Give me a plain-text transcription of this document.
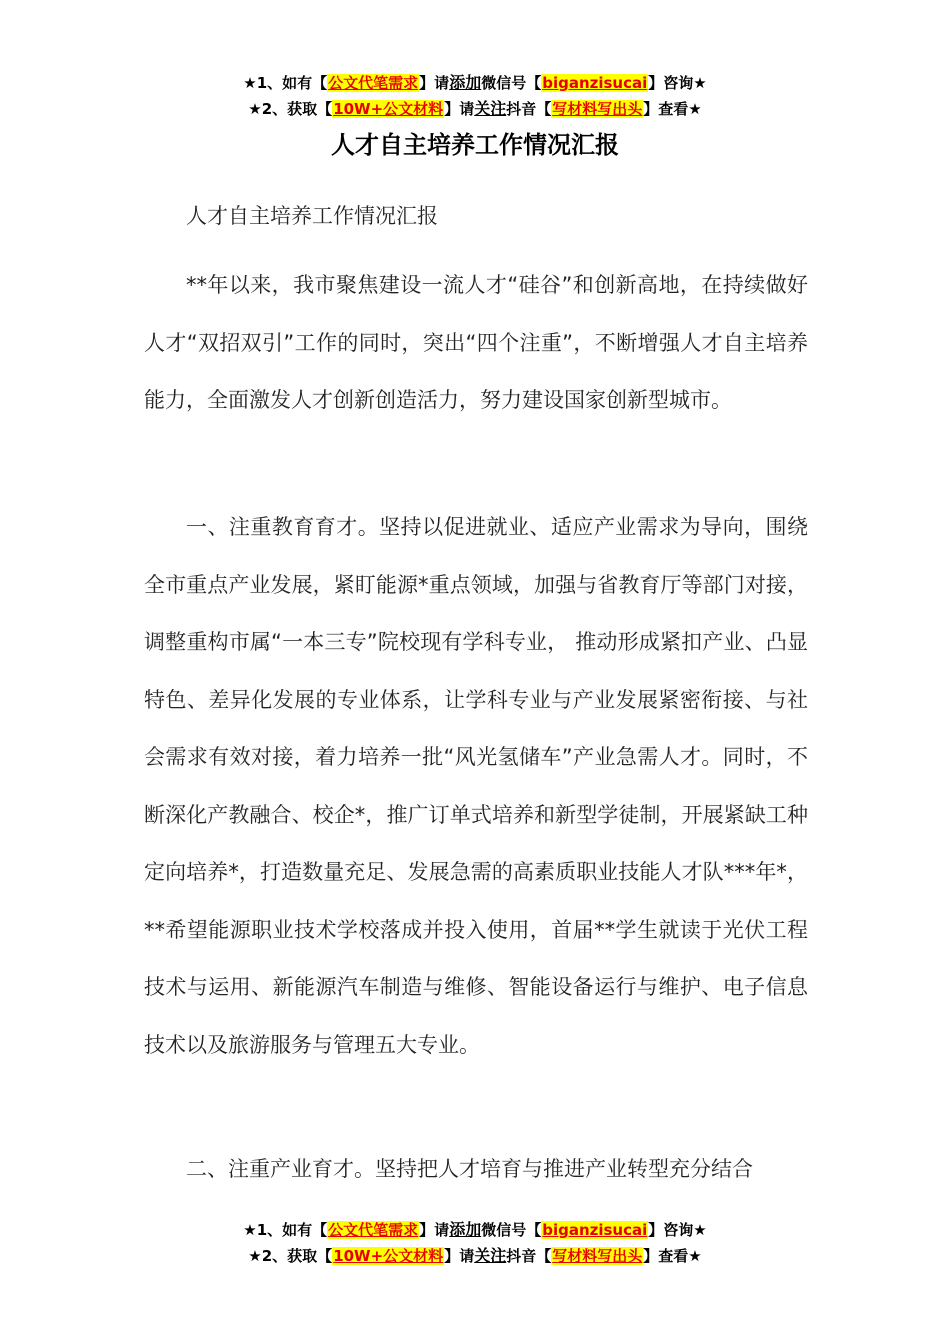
★1、如有【公文代笔需求】请添加微信号【biganzisucai】咨询★
★2、获取【10W+公文材料】请关注抖音【写材料写出头】查看★
人才自主培养工作情况汇报
人才自主培养工作情况汇报

**年以来，我市聚焦建设一流人才“硅谷”和创新高地，在持续做好人才“双招双引”工作的同时，突出“四个注重”，不断增强人才自主培养能力，全面激发人才创新创造活力，努力建设国家创新型城市。

一、注重教育育才。坚持以促进就业、适应产业需求为导向，围绕全市重点产业发展，紧盯能源*重点领域，加强与省教育厅等部门对接，调整重构市属“一本三专”院校现有学科专业， 推动形成紧扣产业、凸显特色、差异化发展的专业体系，让学科专业与产业发展紧密衔接、与社会需求有效对接，着力培养一批“风光氢储车”产业急需人才。同时，不断深化产教融合、校企*，推广订单式培养和新型学徒制，开展紧缺工种定向培养*，打造数量充足、发展急需的高素质职业技能人才队***年*，**希望能源职业技术学校落成并投入使用，首届**学生就读于光伏工程技术与运用、新能源汽车制造与维修、智能设备运行与维护、电子信息技术以及旅游服务与管理五大专业。

二、注重产业育才。坚持把人才培育与推进产业转型充分结合

★1、如有【公文代笔需求】请添加微信号【biganzisucai】咨询★
★2、获取【10W+公文材料】请关注抖音【写材料写出头】查看★
